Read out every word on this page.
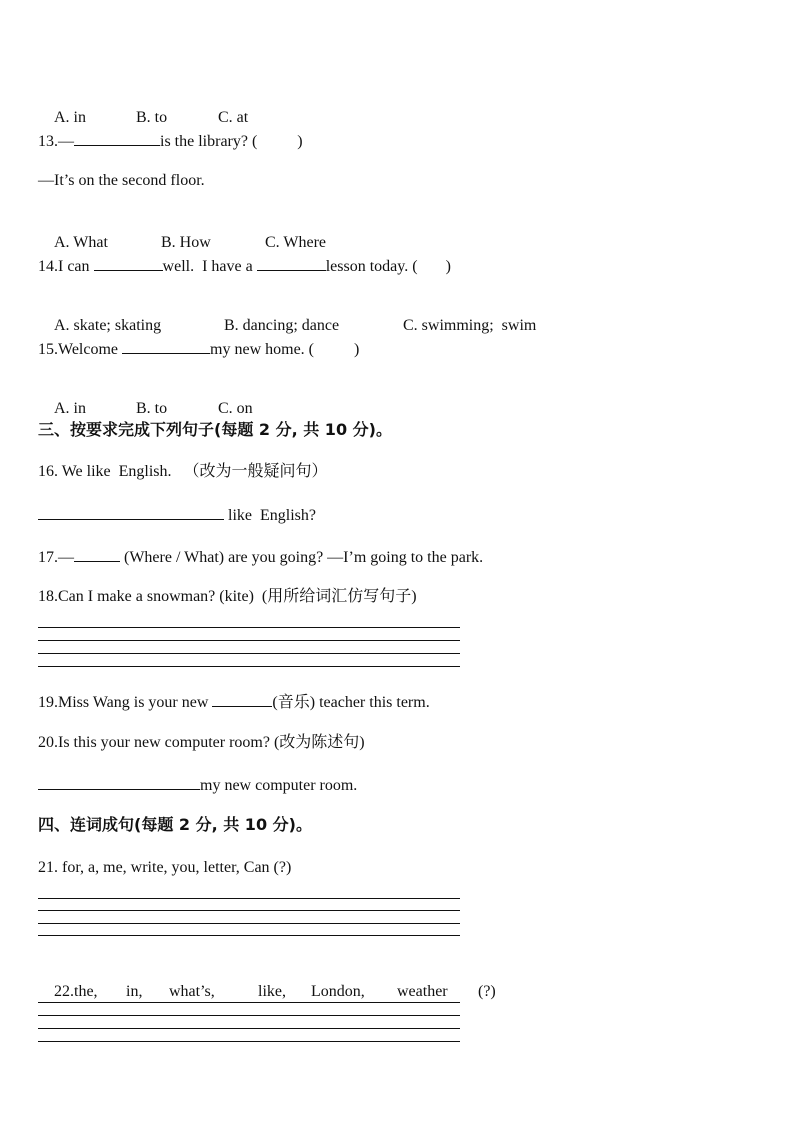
A. in	B. to	C. at

13.—	is the library? (	)
—It’s on the second floor.

A. What	B. How	C. Where

14.I can	well.  I have a	lesson today. ( )

A. skate; skating	B. dancing; dance	C. swimming;  swim

15.Welcome	my new home. (	)

A. in	B. to	C. on

三、按要求完成下列句子(每题 2 分, 共 10 分)。
16. We like  English.   （改为一般疑问句）
like  English?
17.—	(Where / What) are you going? —I’m going to the park.
18.Can I make a snowman? (kite)  (用所给词汇仿写句子)
19.Miss Wang is your new	(音乐) teacher this term.
20.Is this your new computer room? (改为陈述句)
my new computer room.
四、连词成句(每题 2 分, 共 10 分)。
21. for, a, me, write, you, letter, Can (?)

22.the, in, what’s,	like, London, weather (?)
